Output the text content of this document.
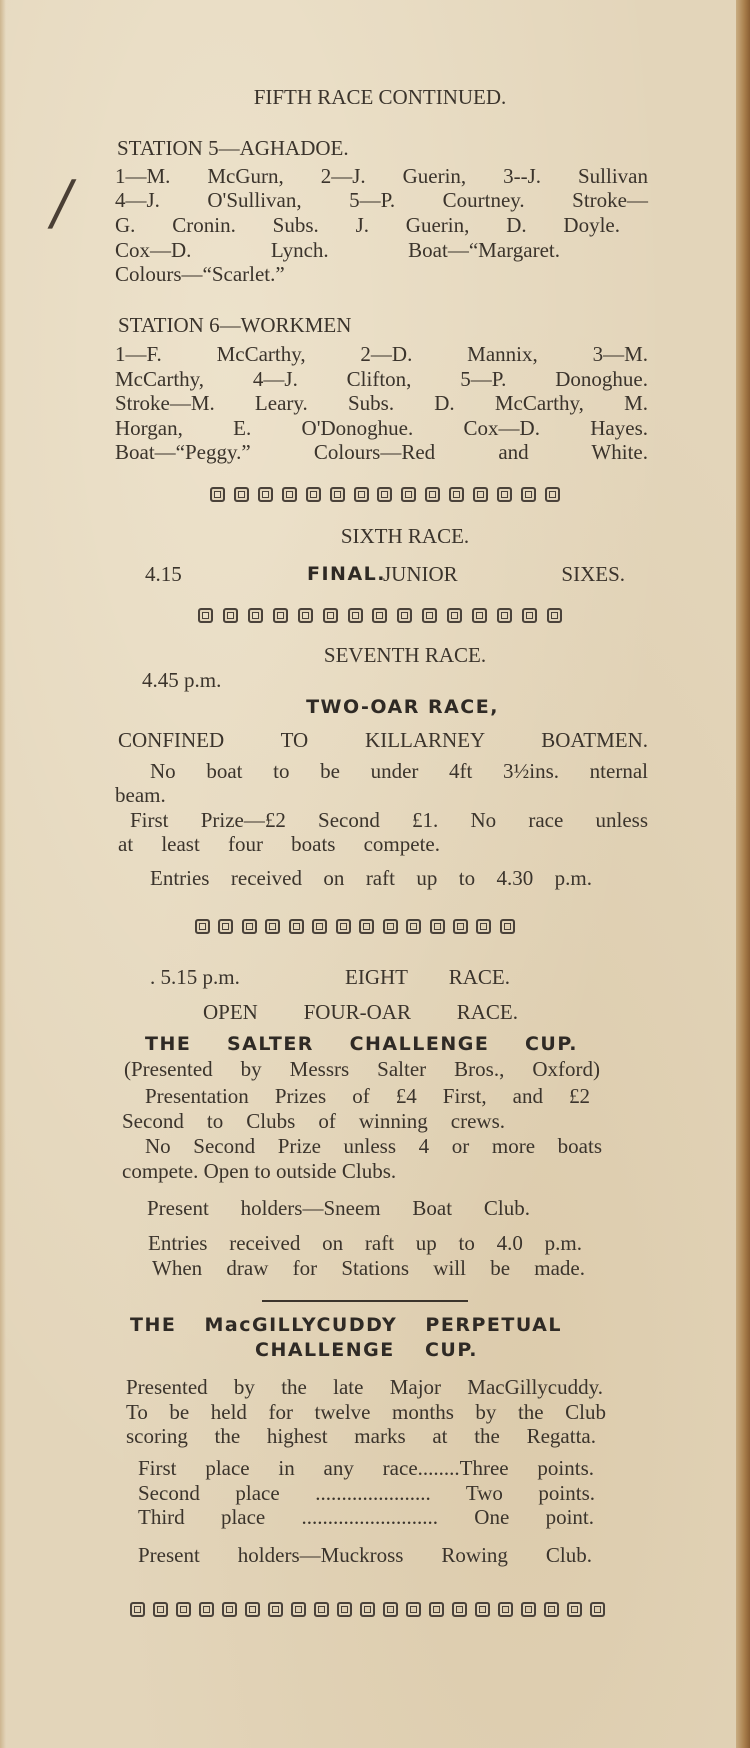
/
FIFTH RACE CONTINUED.
STATION 5—AGHADOE.
1—M. McGurn, 2—J. Guerin, 3--J. Sullivan
4—J. O'Sullivan, 5—P. Courtney. Stroke—
G. Cronin. Subs. J. Guerin, D. Doyle.
Cox—D. Lynch. Boat—“Margaret.
Colours—“Scarlet.”
STATION 6—WORKMEN
1—F. McCarthy, 2—D. Mannix, 3—M.
McCarthy, 4—J. Clifton, 5—P. Donoghue.
Stroke—M. Leary. Subs. D. McCarthy, M.
Horgan, E. O'Donoghue. Cox—D. Hayes.
Boat—“Peggy.” Colours—Red and White.
SIXTH RACE.
4.15
SEVENTH RACE.
4.45 p.m.
TWO-OAR RACE,
CONFINED TO KILLARNEY BOATMEN.
No boat to be under 4ft 3½ins. nternal
beam.
First Prize—£2 Second £1. No race unless
at least four boats compete.
Entries received on raft up to 4.30 p.m.
. 5.15 p.m.	EIGHT RACE.
OPEN FOUR-OAR RACE.
THE SALTER CHALLENGE CUP.
(Presented by Messrs Salter Bros., Oxford)
Presentation Prizes of £4 First, and £2
Second to Clubs of winning crews.
No Second Prize unless 4 or more boats
compete. Open to outside Clubs.
Present holders—Sneem Boat Club.
Entries received on raft up to 4.0 p.m.
When draw for Stations will be made.
THE MacGILLYCUDDY PERPETUAL
CHALLENGE CUP.
Presented by the late Major MacGillycuddy.
To be held for twelve months by the Club
scoring the highest marks at the Regatta.
First place in any race........Three points.
Second place ...................... Two points.
Third place .......................... One point.
Present holders—Muckross Rowing Club.
FINAL.
JUNIOR SIXES.
